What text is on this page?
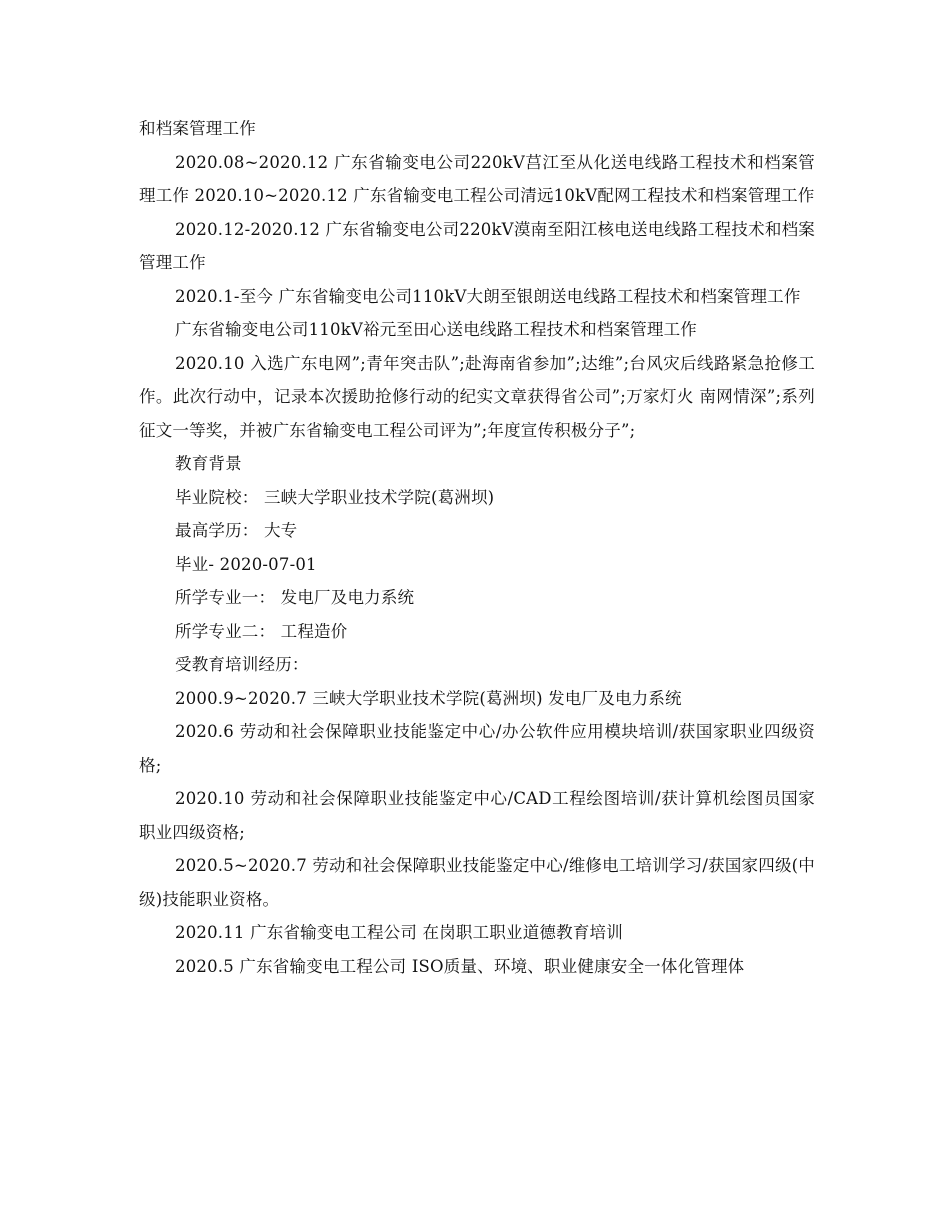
和档案管理工作

2020.08~2020.12 广东省输变电公司220kV莒江至从化送电线路工程技术和档案管理工作 2020.10~2020.12 广东省输变电工程公司清远10kV配网工程技术和档案管理工作

2020.12-2020.12 广东省输变电公司220kV漠南至阳江核电送电线路工程技术和档案管理工作

2020.1-至今 广东省输变电公司110kV大朗至银朗送电线路工程技术和档案管理工作

广东省输变电公司110kV裕元至田心送电线路工程技术和档案管理工作

2020.10 入选广东电网”;青年突击队”;赴海南省参加”;达维”;台风灾后线路紧急抢修工作。此次行动中，记录本次援助抢修行动的纪实文章获得省公司”;万家灯火 南网情深”;系列征文一等奖，并被广东省输变电工程公司评为”;年度宣传积极分子”;

教育背景

毕业院校： 三峡大学职业技术学院(葛洲坝)

最高学历： 大专

毕业- 2020-07-01

所学专业一： 发电厂及电力系统

所学专业二： 工程造价

受教育培训经历：

2000.9~2020.7 三峡大学职业技术学院(葛洲坝) 发电厂及电力系统

2020.6 劳动和社会保障职业技能鉴定中心/办公软件应用模块培训/获国家职业四级资格;

2020.10 劳动和社会保障职业技能鉴定中心/CAD工程绘图培训/获计算机绘图员国家职业四级资格;

2020.5~2020.7 劳动和社会保障职业技能鉴定中心/维修电工培训学习/获国家四级(中级)技能职业资格。

2020.11 广东省输变电工程公司 在岗职工职业道德教育培训

2020.5 广东省输变电工程公司 ISO质量、环境、职业健康安全一体化管理体
